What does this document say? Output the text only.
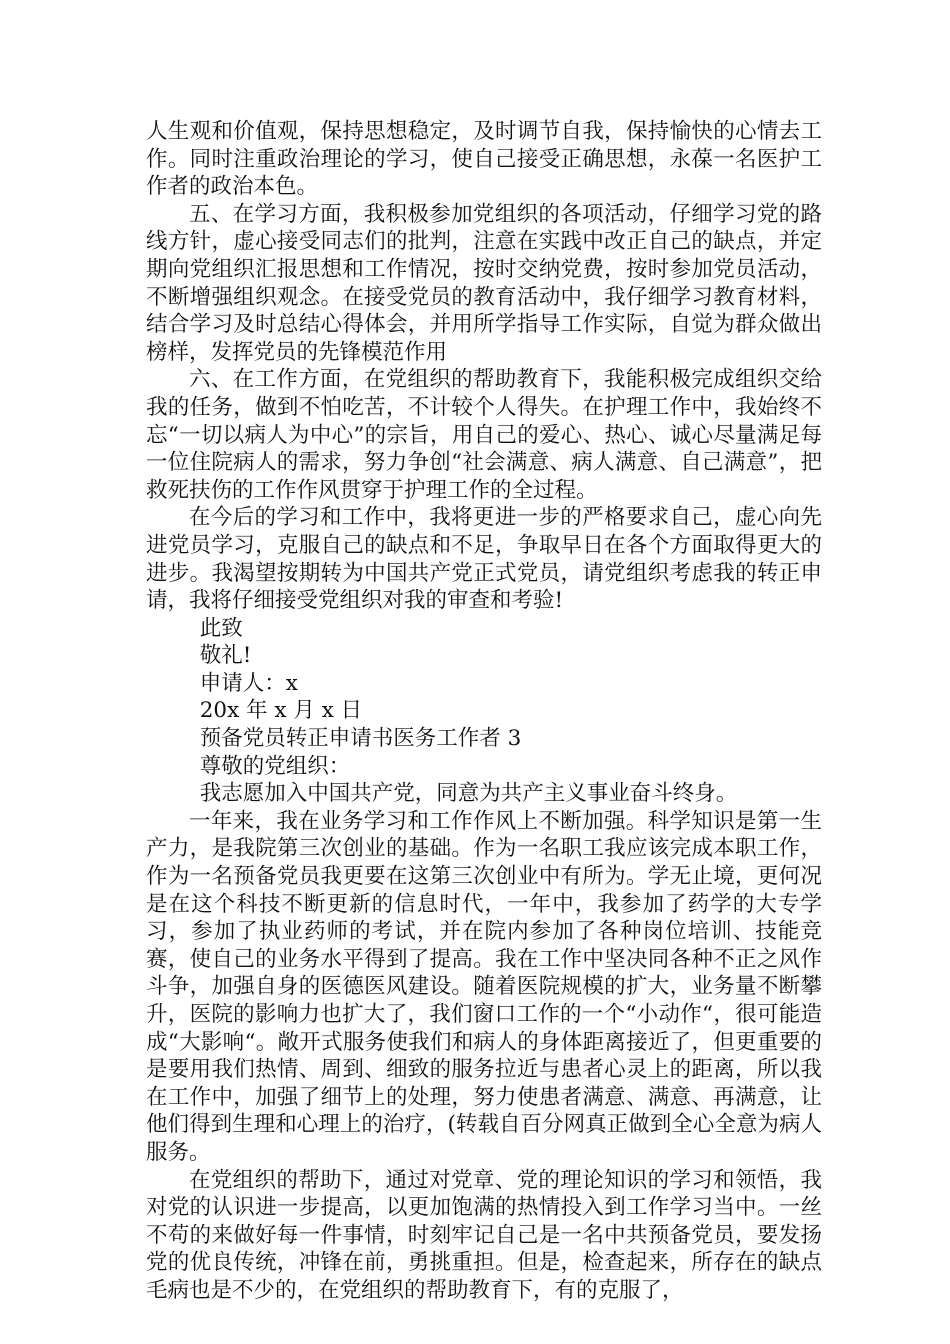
人生观和价值观，保持思想稳定，及时调节自我，保持愉快的心情去工作。同时注重政治理论的学习，使自己接受正确思想，永葆一名医护工作者的政治本色。

五、在学习方面，我积极参加党组织的各项活动，仔细学习党的路线方针，虚心接受同志们的批判，注意在实践中改正自己的缺点，并定期向党组织汇报思想和工作情况，按时交纳党费，按时参加党员活动，不断增强组织观念。在接受党员的教育活动中，我仔细学习教育材料，结合学习及时总结心得体会，并用所学指导工作实际，自觉为群众做出榜样，发挥党员的先锋模范作用

六、在工作方面，在党组织的帮助教育下，我能积极完成组织交给我的任务，做到不怕吃苦，不计较个人得失。在护理工作中，我始终不忘“一切以病人为中心”的宗旨，用自己的爱心、热心、诚心尽量满足每一位住院病人的需求，努力争创“社会满意、病人满意、自己满意”，把救死扶伤的工作作风贯穿于护理工作的全过程。

在今后的学习和工作中，我将更进一步的严格要求自己，虚心向先进党员学习，克服自己的缺点和不足，争取早日在各个方面取得更大的进步。我渴望按期转为中国共产党正式党员，请党组织考虑我的转正申请，我将仔细接受党组织对我的审查和考验!

此致

敬礼!

申请人：x

20x 年 x 月 x 日

预备党员转正申请书医务工作者 3

尊敬的党组织：

我志愿加入中国共产党，同意为共产主义事业奋斗终身。

一年来，我在业务学习和工作作风上不断加强。科学知识是第一生产力，是我院第三次创业的基础。作为一名职工我应该完成本职工作，作为一名预备党员我更要在这第三次创业中有所为。学无止境，更何况是在这个科技不断更新的信息时代，一年中，我参加了药学的大专学习，参加了执业药师的考试，并在院内参加了各种岗位培训、技能竞赛，使自己的业务水平得到了提高。我在工作中坚决同各种不正之风作斗争，加强自身的医德医风建设。随着医院规模的扩大，业务量不断攀升，医院的影响力也扩大了，我们窗口工作的一个“小动作“，很可能造成“大影响“。敞开式服务使我们和病人的身体距离接近了，但更重要的是要用我们热情、周到、细致的服务拉近与患者心灵上的距离，所以我在工作中，加强了细节上的处理，努力使患者满意、满意、再满意，让他们得到生理和心理上的治疗，(转载自百分网真正做到全心全意为病人服务。

在党组织的帮助下，通过对党章、党的理论知识的学习和领悟，我对党的认识进一步提高，以更加饱满的热情投入到工作学习当中。一丝不苟的来做好每一件事情，时刻牢记自己是一名中共预备党员，要发扬党的优良传统，冲锋在前，勇挑重担。但是，检查起来，所存在的缺点毛病也是不少的，在党组织的帮助教育下，有的克服了，
